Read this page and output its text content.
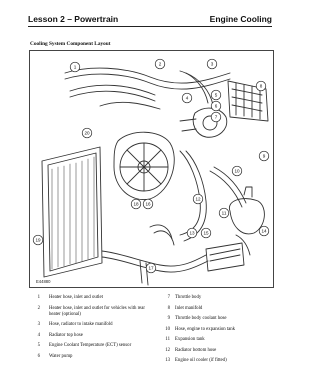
Lesson 2 – Powertrain	Engine Cooling
Cooling System Component Layout
1
2	3
4
5
6
7
8
9
10
11
12
13 15	14
16
17
18
19
20
E44880
1 Heater hose, inlet and outlet
2 Heater hose, inlet and outlet for vehicles with rear heater (optional)
3 Hose, radiator to intake manifold
4 Radiator top hose
5 Engine Coolant Temperature (ECT) sensor
6 Water pump
7 Throttle body
8 Inlet manifold
9 Throttle body coolant hose
10 Hose, engine to expansion tank
11 Expansion tank
12 Radiator bottom hose
13 Engine oil cooler (if fitted)
